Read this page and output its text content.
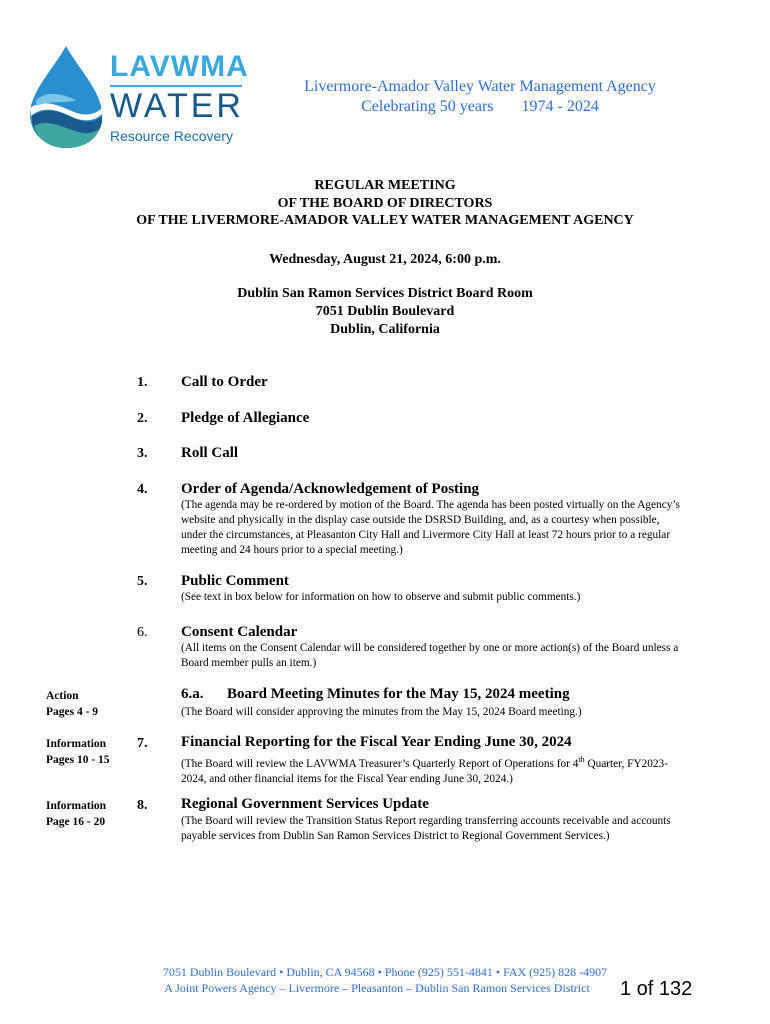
LAVWMA
WATER
Resource Recovery
Livermore-Amador Valley Water Management Agency
Celebrating 50 years 1974 - 2024
REGULAR MEETING
OF THE BOARD OF DIRECTORS
OF THE LIVERMORE-AMADOR VALLEY WATER MANAGEMENT AGENCY
Wednesday, August 21, 2024, 6:00 p.m.
Dublin San Ramon Services District Board Room
7051 Dublin Boulevard
Dublin, California
1. Call to Order
2. Pledge of Allegiance
3. Roll Call
4. Order of Agenda/Acknowledgement of Posting
(The agenda may be re-ordered by motion of the Board. The agenda has been posted virtually on the Agency’s website and physically in the display case outside the DSRSD Building, and, as a courtesy when possible, under the circumstances, at Pleasanton City Hall and Livermore City Hall at least 72 hours prior to a regular meeting and 24 hours prior to a special meeting.)
5. Public Comment
(See text in box below for information on how to observe and submit public comments.)
6. Consent Calendar
(All items on the Consent Calendar will be considered together by one or more action(s) of the Board unless a Board member pulls an item.)
Action
Pages 4 - 9
6.a. Board Meeting Minutes for the May 15, 2024 meeting
(The Board will consider approving the minutes from the May 15, 2024 Board meeting.)
Information
Pages 10 - 15
7. Financial Reporting for the Fiscal Year Ending June 30, 2024
(The Board will review the LAVWMA Treasurer’s Quarterly Report of Operations for 4th Quarter, FY2023-2024, and other financial items for the Fiscal Year ending June 30, 2024.)
Information
Page 16 - 20
8. Regional Government Services Update
(The Board will review the Transition Status Report regarding transferring accounts receivable and accounts payable services from Dublin San Ramon Services District to Regional Government Services.)
7051 Dublin Boulevard • Dublin, CA 94568 • Phone (925) 551-4841 • FAX (925) 828 -4907
A Joint Powers Agency – Livermore – Pleasanton – Dublin San Ramon Services District	1 of 132
